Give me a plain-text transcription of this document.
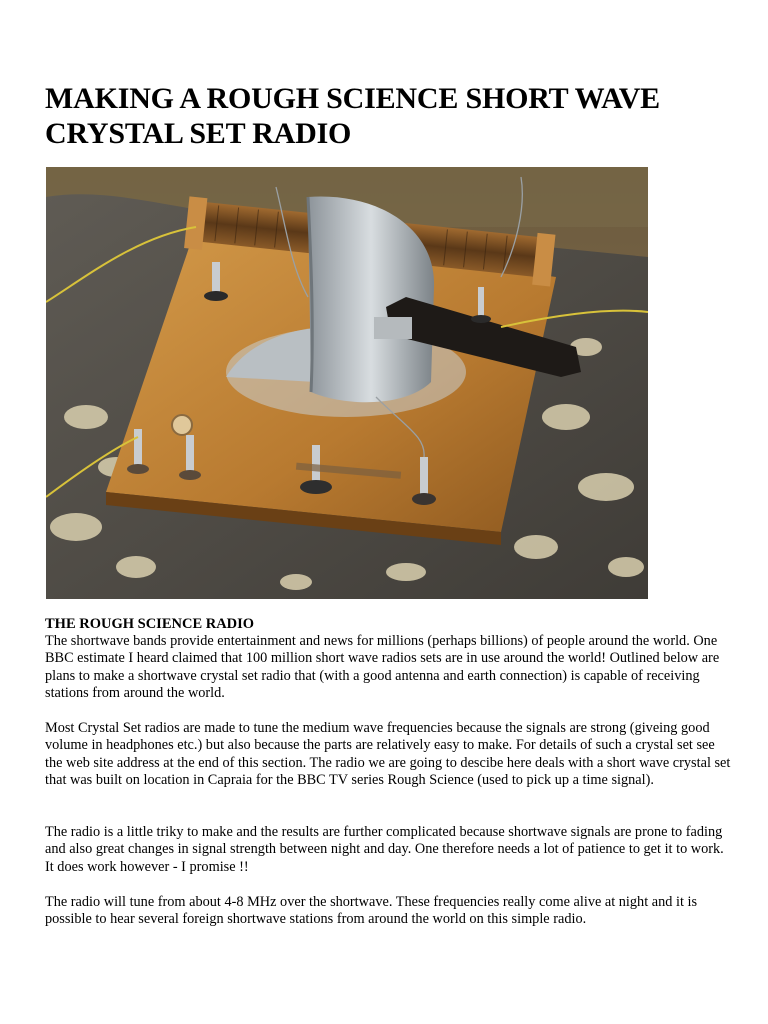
MAKING A ROUGH SCIENCE SHORT WAVE CRYSTAL SET RADIO
THE ROUGH SCIENCE RADIO

The shortwave bands provide entertainment and news for millions (perhaps billions) of people around the world. One BBC estimate I heard claimed that 100 million short wave radios sets are in use around the world! Outlined below are plans to make a shortwave crystal set radio that (with a good antenna and earth connection) is capable of receiving stations from around the world.

Most Crystal Set radios are made to tune the medium wave frequencies because the signals are strong (giveing good volume in headphones etc.) but also because the parts are relatively easy to make. For details of such a crystal set see the web site address at the end of this section. The radio we are going to descibe here deals with a short wave crystal set that was built on location in Capraia for the BBC TV series Rough Science (used to pick up a time signal).

The radio is a little triky to make and the results are further complicated because shortwave signals are prone to fading and also great changes in signal strength between night and day. One therefore needs a lot of patience to get it to work. It does work however - I promise !!

The radio will tune from about 4-8 MHz over the shortwave. These frequencies really come alive at night and it is possible to hear several foreign shortwave stations from around the world on this simple radio.
